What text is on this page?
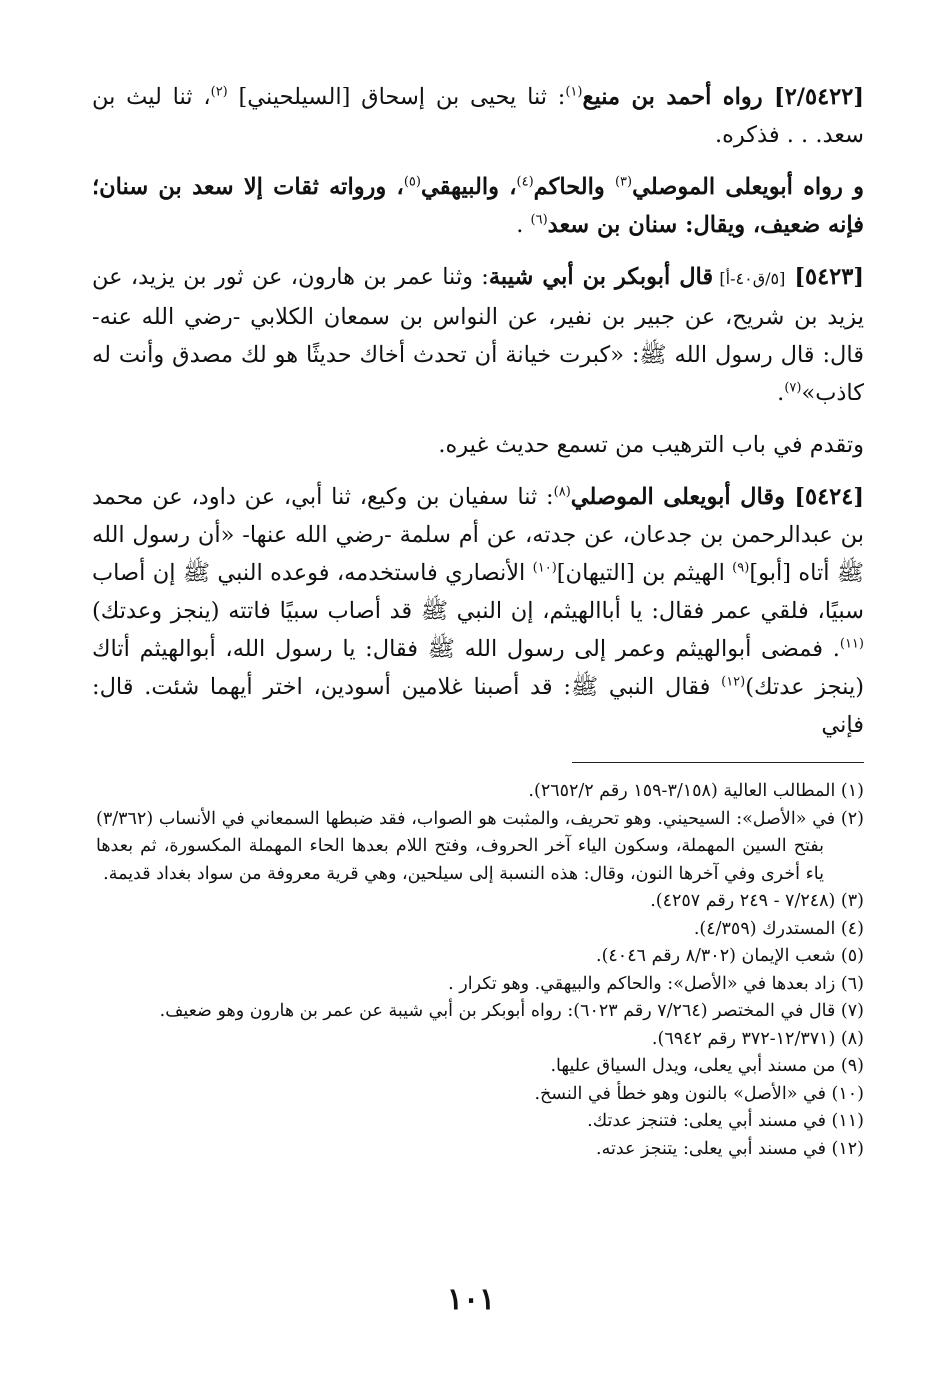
[٢/٥٤٢٢] رواه أحمد بن منيع$^{(١)}$: ثنا يحيى بن إسحاق [السيلحيني] $^{(٢)}$، ثنا ليث بن سعد. . . فذكره.

و رواه أبويعلى الموصلي$^{(٣)}$ والحاكم$^{(٤)}$، والبيهقي$^{(٥)}$، ورواته ثقات إلا سعد بن سنان؛ فإنه ضعيف، ويقال: سنان بن سعد$^{(٦)}$ .

[٥٤٢٣] [٥/ق٤٠-أ] قال أبوبكر بن أبي شيبة: وثنا عمر بن هارون، عن ثور بن يزيد، عن يزيد بن شريح، عن جبير بن نفير، عن النواس بن سمعان الكلابي -رضي الله عنه- قال: قال رسول الله ﷺ: «كبرت خيانة أن تحدث أخاك حديثًا هو لك مصدق وأنت له كاذب»$^{(٧)}$.

وتقدم في باب الترهيب من تسمع حديث غيره.

[٥٤٢٤] وقال أبويعلى الموصلي$^{(٨)}$: ثنا سفيان بن وكيع، ثنا أبي، عن داود، عن محمد بن عبدالرحمن بن جدعان، عن جدته، عن أم سلمة -رضي الله عنها- «أن رسول الله ﷺ أتاه [أبو]$^{(٩)}$ الهيثم بن [التيهان]$^{(١٠)}$ الأنصاري فاستخدمه، فوعده النبي ﷺ إن أصاب سبيًا، فلقي عمر فقال: يا أباالهيثم، إن النبي ﷺ قد أصاب سبيًا فاتته (ينجز وعدتك)$^{(١١)}$. فمضى أبوالهيثم وعمر إلى رسول الله ﷺ فقال: يا رسول الله، أبوالهيثم أتاك (ينجز عدتك)$^{(١٢)}$ فقال النبي ﷺ: قد أصبنا غلامين أسودين، اختر أيهما شئت. قال: فإني

(١) المطالب العالية (٣/١٥٨-١٥٩ رقم ٢٦٥٢/٢).

(٢) في «الأصل»: السيحيني. وهو تحريف، والمثبت هو الصواب، فقد ضبطها السمعاني في الأنساب (٣/٣٦٢) بفتح السين المهملة، وسكون الياء آخر الحروف، وفتح اللام بعدها الحاء المهملة المكسورة، ثم بعدها ياء أخرى وفي آخرها النون، وقال: هذه النسبة إلى سيلحين، وهي قرية معروفة من سواد بغداد قديمة.

(٣) (٧/٢٤٨ - ٢٤٩ رقم ٤٢٥٧).

(٤) المستدرك (٤/٣٥٩).

(٥) شعب الإيمان (٨/٣٠٢ رقم ٤٠٤٦).

(٦) زاد بعدها في «الأصل»: والحاكم والبيهقي. وهو تكرار .

(٧) قال في المختصر (٧/٢٦٤ رقم ٦٠٢٣): رواه أبوبكر بن أبي شيبة عن عمر بن هارون وهو ضعيف.

(٨) (١٢/٣٧١-٣٧٢ رقم ٦٩٤٢).

(٩) من مسند أبي يعلى، ويدل السياق عليها.

(١٠) في «الأصل» بالنون وهو خطأ في النسخ.

(١١) في مسند أبي يعلى: فتنجز عدتك.

(١٢) في مسند أبي يعلى: يتنجز عدته.

١٠١
